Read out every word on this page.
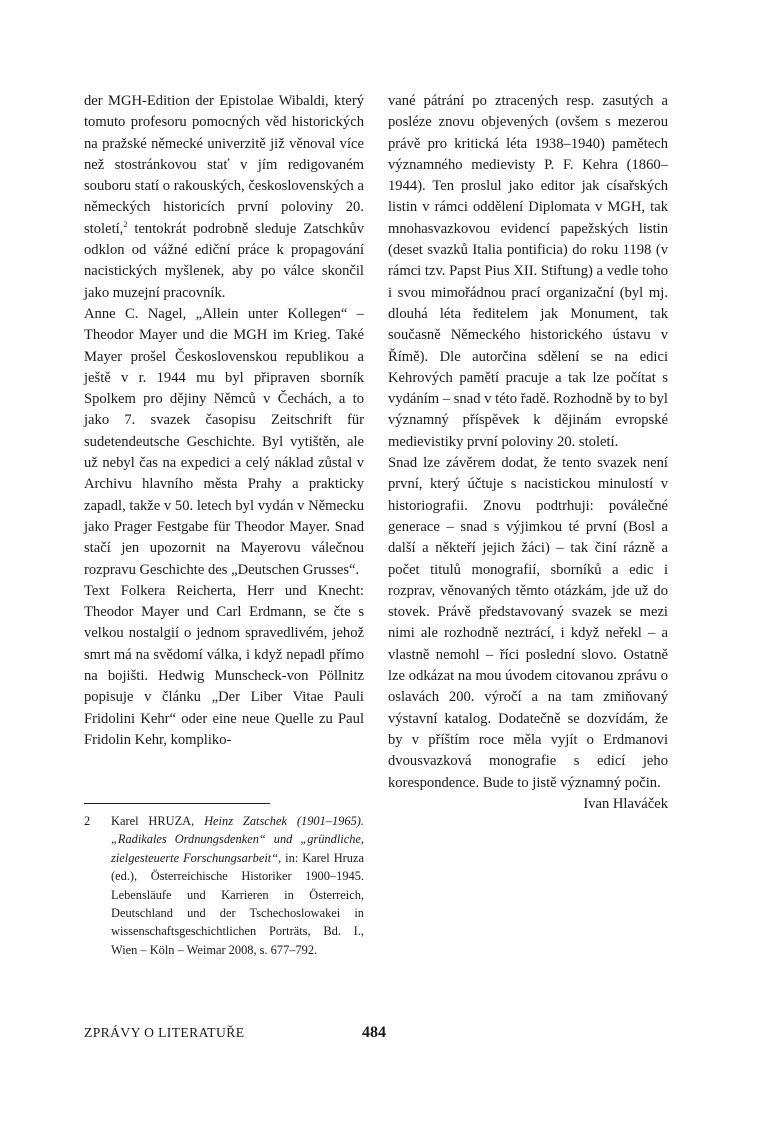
der MGH-Edition der Epistolae Wibaldi, který tomuto profesoru pomocných věd historických na pražské německé univerzitě již věnoval více než stostránkovou stať v jím redigovaném souboru statí o rakouských, československých a německých historicích první poloviny 20. století,$^2$ tentokrát podrobně sleduje Zatschkův odklon od vážné ediční práce k propagování nacistických myšlenek, aby po válce skončil jako muzejní pracovník.

Anne C. Nagel, „Allein unter Kollegen“ – Theodor Mayer und die MGH im Krieg. Také Mayer prošel Československou republikou a ještě v r. 1944 mu byl připraven sborník Spolkem pro dějiny Němců v Čechách, a to jako 7. svazek časopisu Zeitschrift für sudetendeutsche Geschichte. Byl vytištěn, ale už nebyl čas na expedici a celý náklad zůstal v Archivu hlavního města Prahy a prakticky zapadl, takže v 50. letech byl vydán v Německu jako Prager Festgabe für Theodor Mayer. Snad stačí jen upozornit na Mayerovu válečnou rozpravu Geschichte des „Deutschen Grusses“.

Text Folkera Reicherta, Herr und Knecht: Theodor Mayer und Carl Erdmann, se čte s velkou nostalgií o jednom spravedlivém, jehož smrt má na svědomí válka, i když nepadl přímo na bojišti. Hedwig Munscheck-von Pöllnitz popisuje v článku „Der Liber Vitae Pauli Fridolini Kehr“ oder eine neue Quelle zu Paul Fridolin Kehr, kompliko-

vané pátrání po ztracených resp. zasutých a posléze znovu objevených (ovšem s mezerou právě pro kritická léta 1938–1940) pamětech významného medievisty P. F. Kehra (1860–1944). Ten proslul jako editor jak císařských listin v rámci oddělení Diplomata v MGH, tak mnohasvazkovou evidencí papežských listin (deset svazků Italia pontificia) do roku 1198 (v rámci tzv. Papst Pius XII. Stiftung) a vedle toho i svou mimořádnou prací organizační (byl mj. dlouhá léta ředitelem jak Monument, tak současně Německého historického ústavu v Římě). Dle autorčina sdělení se na edici Kehrových pamětí pracuje a tak lze počítat s vydáním – snad v této řadě. Rozhodně by to byl významný příspěvek k dějinám evropské medievistiky první poloviny 20. století.

Snad lze závěrem dodat, že tento svazek není první, který účtuje s nacistickou minulostí v historiografii. Znovu podtrhuji: poválečné generace – snad s výjimkou té první (Bosl a další a někteří jejich žáci) – tak činí rázně a počet titulů monografií, sborníků a edic i rozprav, věnovaných těmto otázkám, jde už do stovek. Právě představovaný svazek se mezi nimi ale rozhodně neztrácí, i když neřekl – a vlastně nemohl – říci poslední slovo. Ostatně lze odkázat na mou úvodem citovanou zprávu o oslavách 200. výročí a na tam zmiňovaný výstavní katalog. Dodatečně se dozvídám, že by v příštím roce měla vyjít o Erdmanovi dvousvazková monografie s edicí jeho korespondence. Bude to jistě významný počin.

Ivan Hlaváček

2	Karel HRUZA, Heinz Zatschek (1901–1965). „Radikales Ordnungsdenken“ und „gründliche, zielgesteuerte Forschungsarbeit“, in: Karel Hruza (ed.), Österreichische Historiker 1900–1945. Lebensläufe und Karrieren in Österreich, Deutschland und der Tschechoslowakei in wissenschaftsgeschichtlichen Porträts, Bd. I., Wien – Köln – Weimar 2008, s. 677–792.
ZPRÁVY O LITERATUŘE	484
